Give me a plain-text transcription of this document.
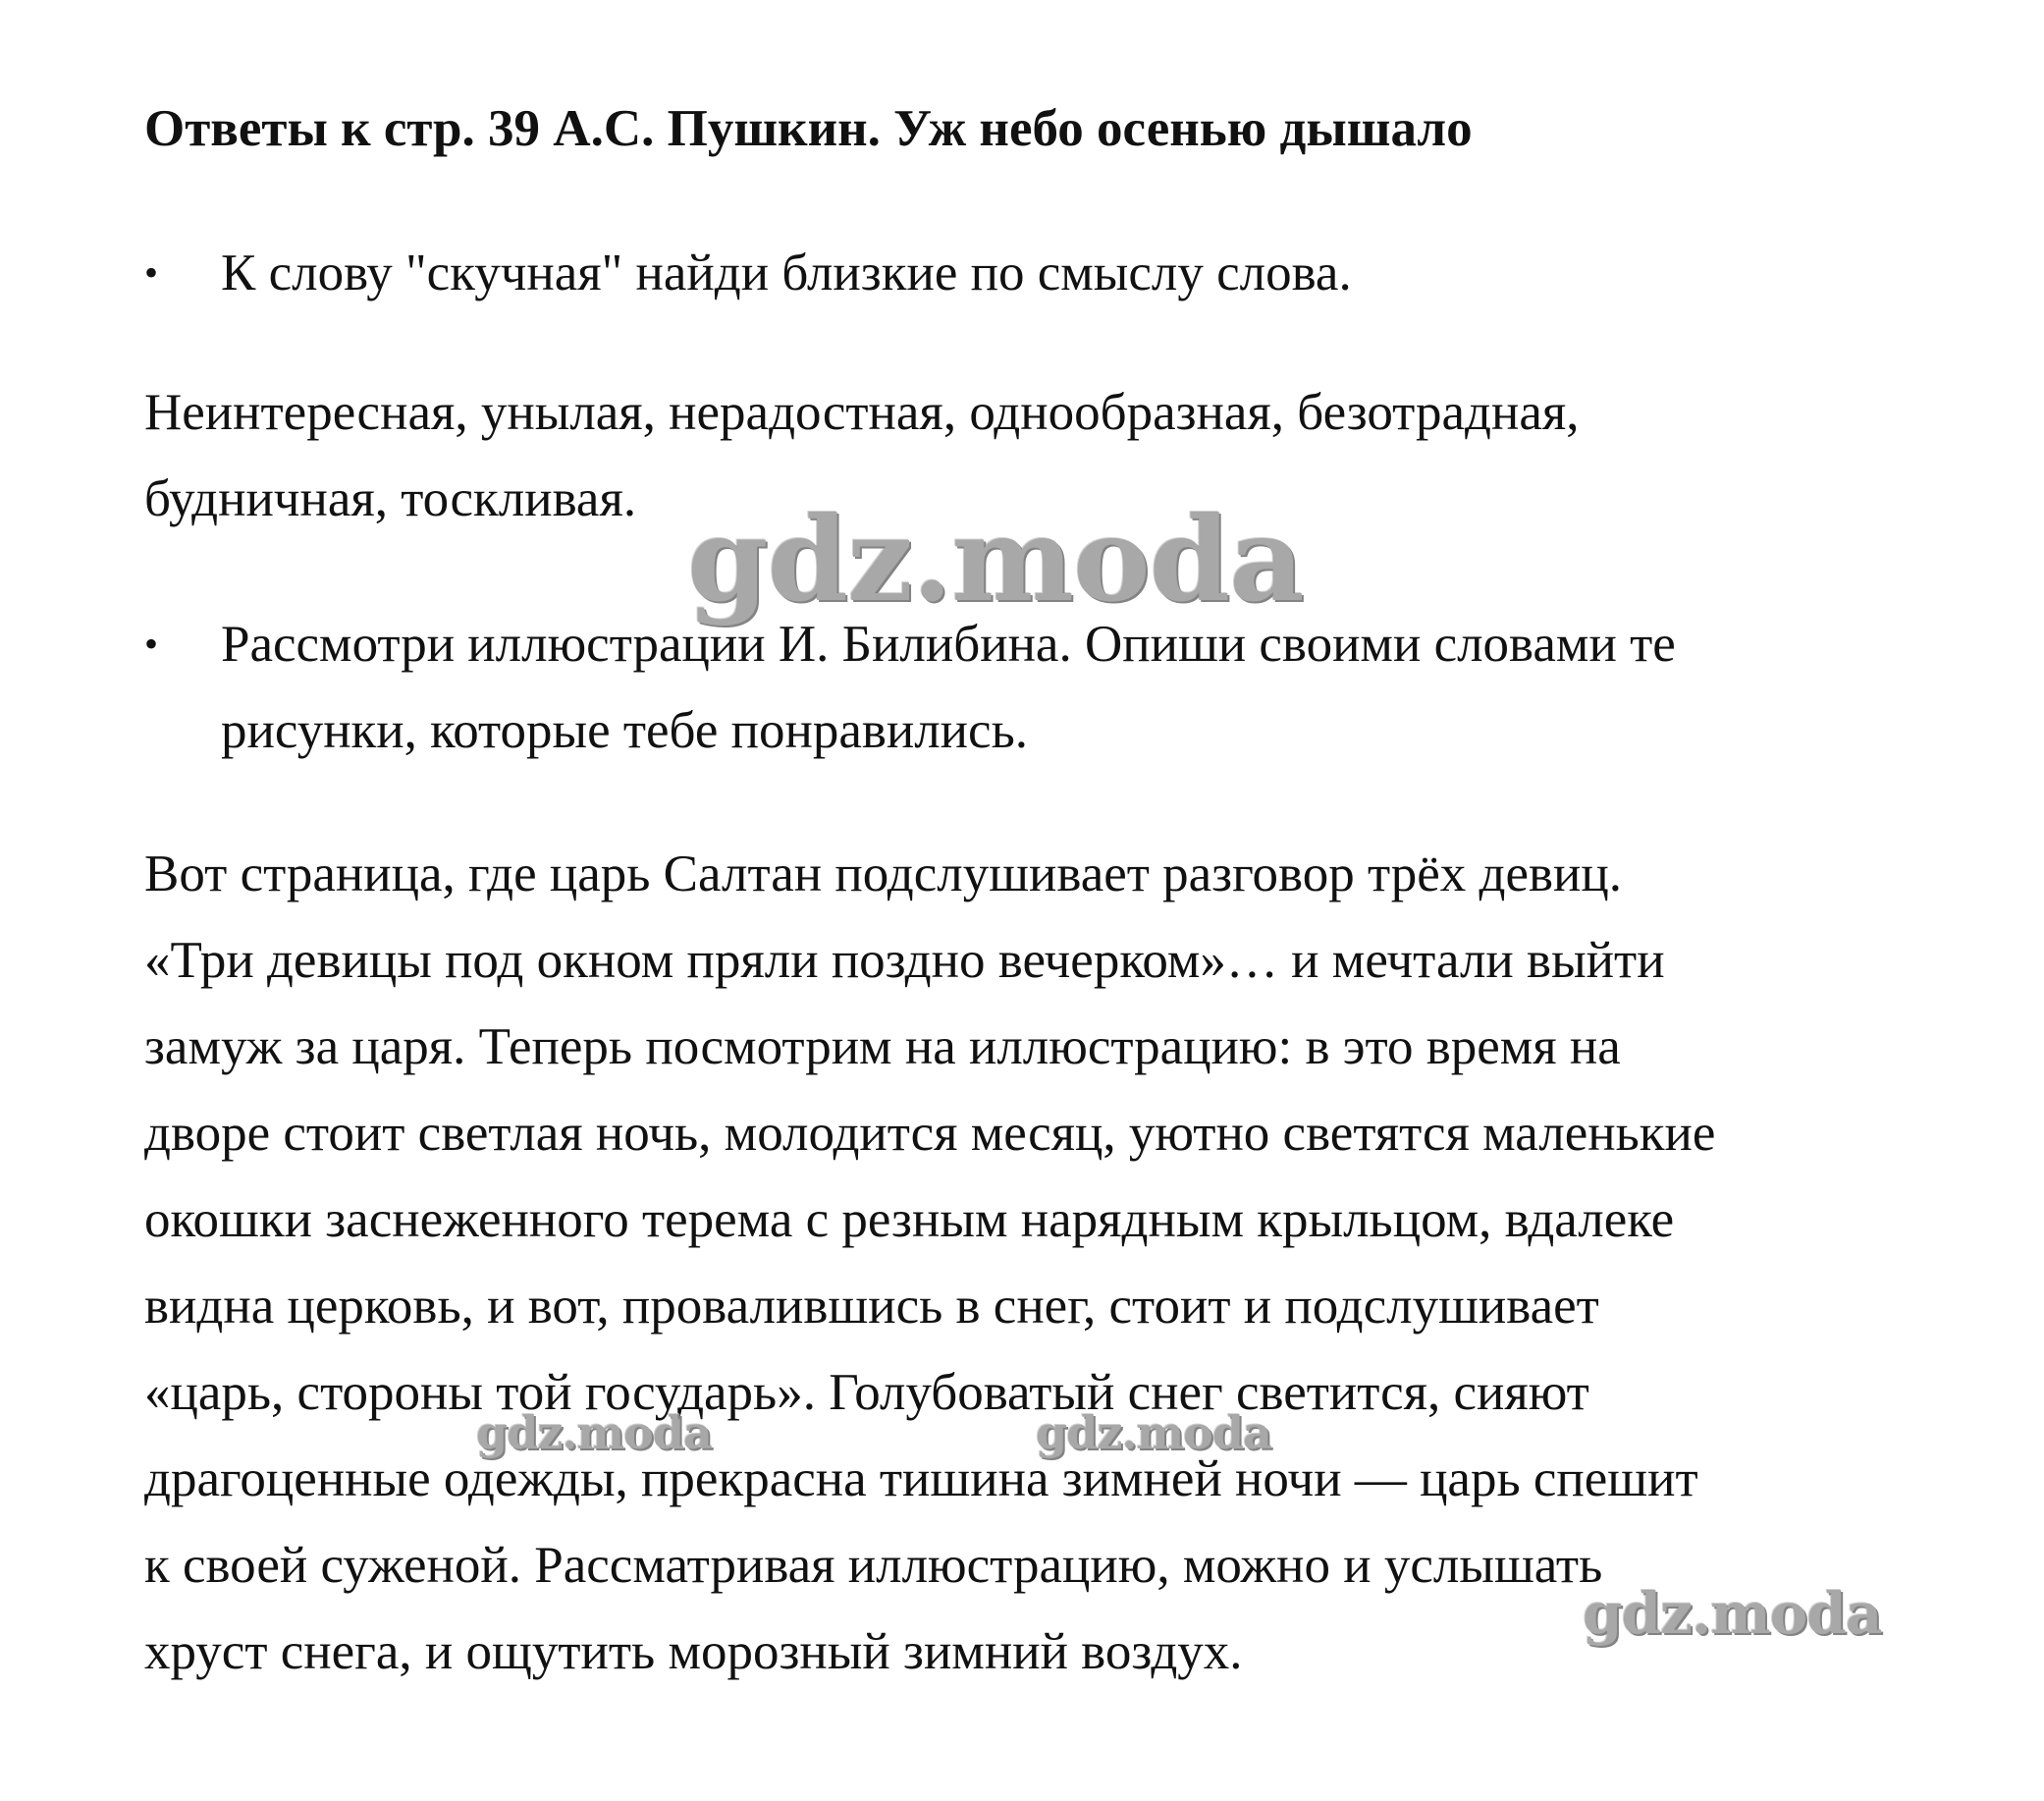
Ответы к стр. 39 А.С. Пушкин. Уж небо осенью дышало
•	К слову "скучная" найди близкие по смыслу слова.
Неинтересная, унылая, нерадостная, однообразная, безотрадная,
будничная, тоскливая.
•	Рассмотри иллюстрации И. Билибина. Опиши своими словами те
рисунки, которые тебе понравились.
Вот страница, где царь Салтан подслушивает разговор трёх девиц.
«Три девицы под окном пряли поздно вечерком»… и мечтали выйти
замуж за царя. Теперь посмотрим на иллюстрацию: в это время на
дворе стоит светлая ночь, молодится месяц, уютно светятся маленькие
окошки заснеженного терема с резным нарядным крыльцом, вдалеке
видна церковь, и вот, провалившись в снег, стоит и подслушивает
«царь, стороны той государь». Голубоватый снег светится, сияют
драгоценные одежды, прекрасна тишина зимней ночи — царь спешит
к своей суженой. Рассматривая иллюстрацию, можно и услышать
хруст снега, и ощутить морозный зимний воздух.
gdz.moda
gdz.moda	gdz.moda
gdz.moda
